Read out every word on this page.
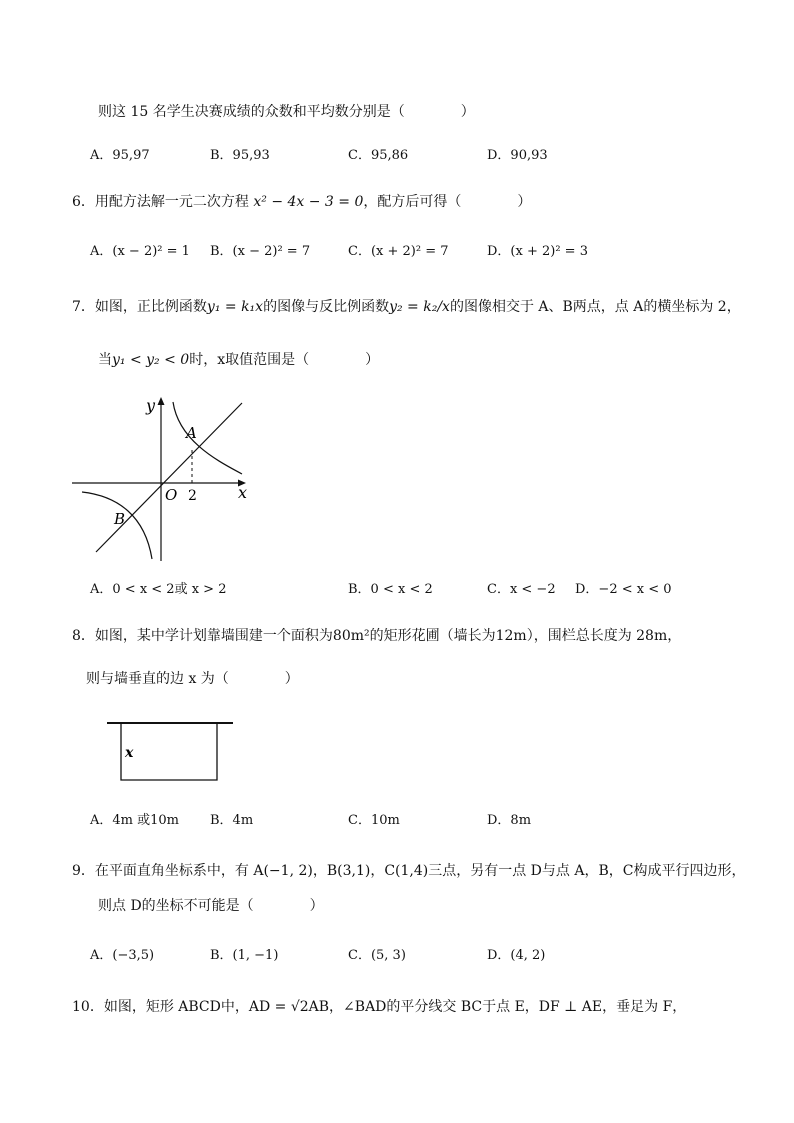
则这 15 名学生决赛成绩的众数和平均数分别是（　　　　）
A．95,97	B．95,93	C．95,86	D．90,93
6．用配方法解一元二次方程 x² − 4x − 3 = 0，配方后可得（　　　　）
A．(x − 2)² = 1 B．(x − 2)² = 7	C．(x + 2)² = 7	D．(x + 2)² = 3
7．如图，正比例函数y₁ = k₁x的图像与反比例函数y₂ = k₂/x的图像相交于 A、B两点，点 A的横坐标为 2，
当y₁ < y₂ < 0时，x取值范围是（　　　　）
y
x
O 2
A
B
A．0 < x < 2或 x > 2	B．0 < x < 2	C．x < −2 D．−2 < x < 0
8．如图，某中学计划靠墙围建一个面积为80m²的矩形花圃（墙长为12m），围栏总长度为 28m，
则与墙垂直的边 x 为（　　　　）
x
A．4m 或10m B．4m	C．10m	D．8m
9．在平面直角坐标系中，有 A(−1, 2)，B(3,1)，C(1,4)三点，另有一点 D与点 A，B，C构成平行四边形，
则点 D的坐标不可能是（　　　　）
A．(−3,5)	B．(1, −1)	C．(5, 3)	D．(4, 2)
10．如图，矩形 ABCD中，AD = √2AB，∠BAD的平分线交 BC于点 E，DF ⊥ AE，垂足为 F，
